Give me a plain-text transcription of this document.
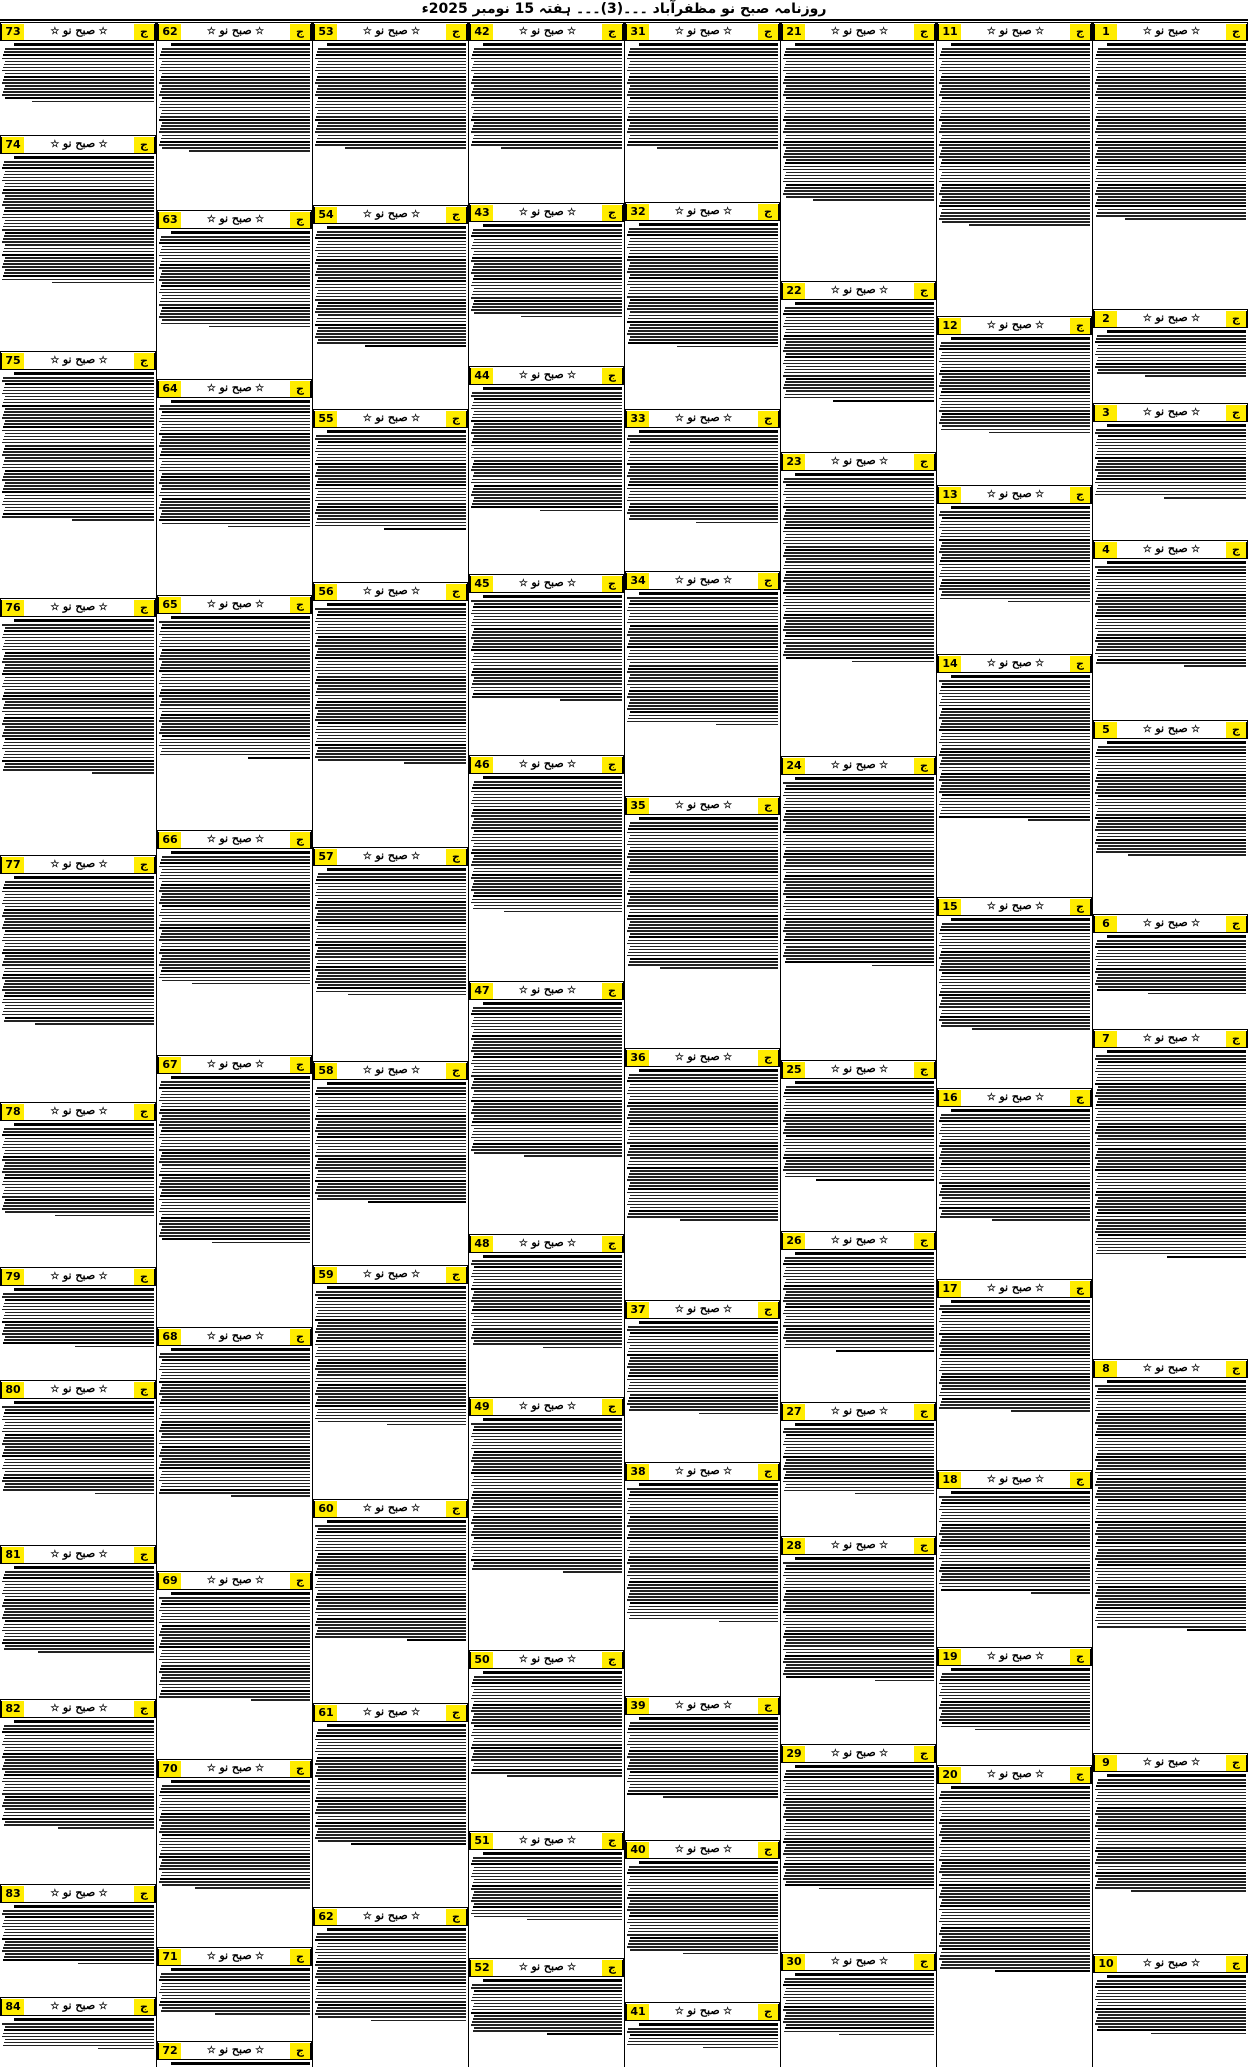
روزنامہ صبح نو مظفرآباد ۔۔۔(3)۔۔۔ ہفتہ 15 نومبر 2025ء
ج
☆ صبح نو ☆
1
ج
☆ صبح نو ☆
2
ج
☆ صبح نو ☆
3
ج
☆ صبح نو ☆
4
ج
☆ صبح نو ☆
5
ج
☆ صبح نو ☆
6
ج
☆ صبح نو ☆
7
ج
☆ صبح نو ☆
8
ج
☆ صبح نو ☆
9
ج
☆ صبح نو ☆
10
ج
☆ صبح نو ☆
11
ج
☆ صبح نو ☆
12
ج
☆ صبح نو ☆
13
ج
☆ صبح نو ☆
14
ج
☆ صبح نو ☆
15
ج
☆ صبح نو ☆
16
ج
☆ صبح نو ☆
17
ج
☆ صبح نو ☆
18
ج
☆ صبح نو ☆
19
ج
☆ صبح نو ☆
20
ج
☆ صبح نو ☆
21
ج
☆ صبح نو ☆
22
ج
☆ صبح نو ☆
23
ج
☆ صبح نو ☆
24
ج
☆ صبح نو ☆
25
ج
☆ صبح نو ☆
26
ج
☆ صبح نو ☆
27
ج
☆ صبح نو ☆
28
ج
☆ صبح نو ☆
29
ج
☆ صبح نو ☆
30
ج
☆ صبح نو ☆
31
ج
☆ صبح نو ☆
32
ج
☆ صبح نو ☆
33
ج
☆ صبح نو ☆
34
ج
☆ صبح نو ☆
35
ج
☆ صبح نو ☆
36
ج
☆ صبح نو ☆
37
ج
☆ صبح نو ☆
38
ج
☆ صبح نو ☆
39
ج
☆ صبح نو ☆
40
ج
☆ صبح نو ☆
41
ج
☆ صبح نو ☆
42
ج
☆ صبح نو ☆
43
ج
☆ صبح نو ☆
44
ج
☆ صبح نو ☆
45
ج
☆ صبح نو ☆
46
ج
☆ صبح نو ☆
47
ج
☆ صبح نو ☆
48
ج
☆ صبح نو ☆
49
ج
☆ صبح نو ☆
50
ج
☆ صبح نو ☆
51
ج
☆ صبح نو ☆
52
ج
☆ صبح نو ☆
53
ج
☆ صبح نو ☆
54
ج
☆ صبح نو ☆
55
ج
☆ صبح نو ☆
56
ج
☆ صبح نو ☆
57
ج
☆ صبح نو ☆
58
ج
☆ صبح نو ☆
59
ج
☆ صبح نو ☆
60
ج
☆ صبح نو ☆
61
ج
☆ صبح نو ☆
62
ج
☆ صبح نو ☆
62
ج
☆ صبح نو ☆
63
ج
☆ صبح نو ☆
64
ج
☆ صبح نو ☆
65
ج
☆ صبح نو ☆
66
ج
☆ صبح نو ☆
67
ج
☆ صبح نو ☆
68
ج
☆ صبح نو ☆
69
ج
☆ صبح نو ☆
70
ج
☆ صبح نو ☆
71
ج
☆ صبح نو ☆
72
ج
☆ صبح نو ☆
73
ج
☆ صبح نو ☆
74
ج
☆ صبح نو ☆
75
ج
☆ صبح نو ☆
76
ج
☆ صبح نو ☆
77
ج
☆ صبح نو ☆
78
ج
☆ صبح نو ☆
79
ج
☆ صبح نو ☆
80
ج
☆ صبح نو ☆
81
ج
☆ صبح نو ☆
82
ج
☆ صبح نو ☆
83
ج
☆ صبح نو ☆
84
